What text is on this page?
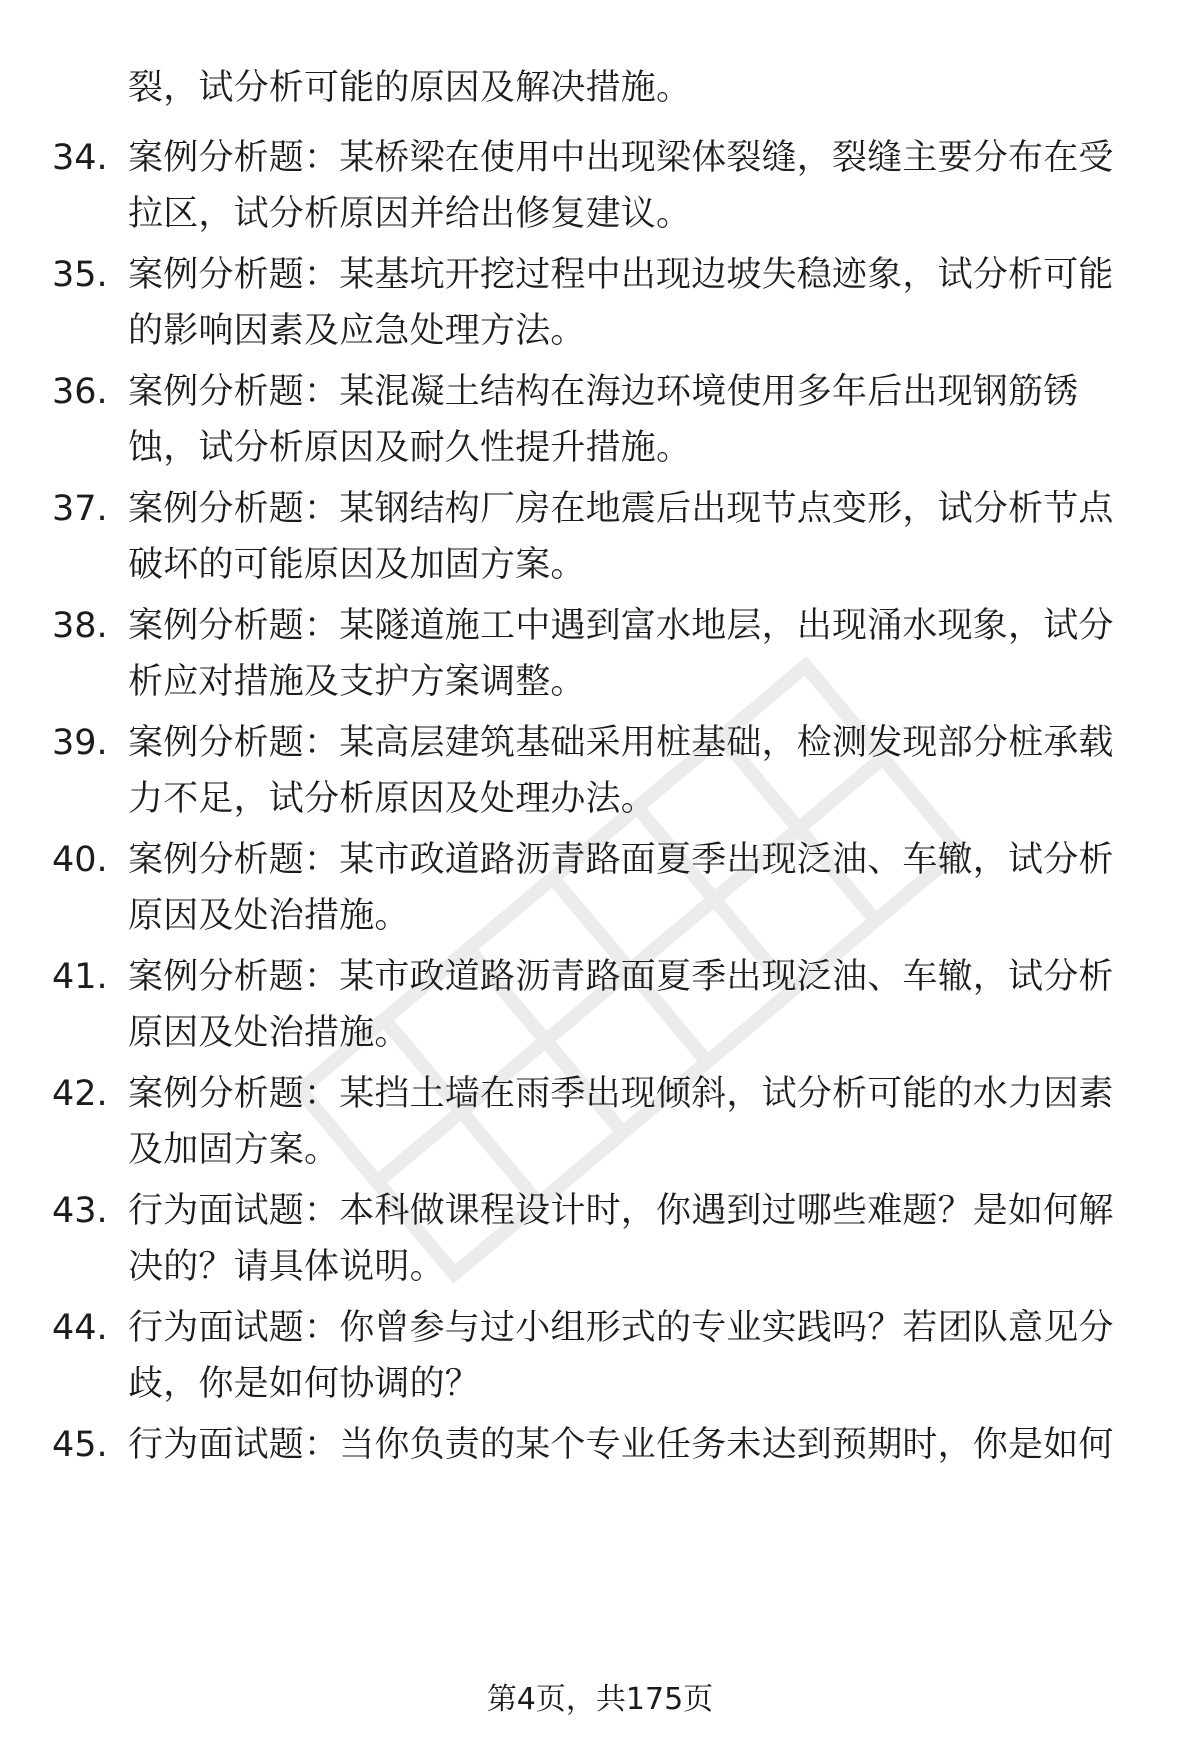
裂，试分析可能的原因及解决措施。
34. 案例分析题：某桥梁在使用中出现梁体裂缝，裂缝主要分布在受
拉区，试分析原因并给出修复建议。
35. 案例分析题：某基坑开挖过程中出现边坡失稳迹象，试分析可能
的影响因素及应急处理方法。
36. 案例分析题：某混凝土结构在海边环境使用多年后出现钢筋锈
蚀，试分析原因及耐久性提升措施。
37. 案例分析题：某钢结构厂房在地震后出现节点变形，试分析节点
破坏的可能原因及加固方案。
38. 案例分析题：某隧道施工中遇到富水地层，出现涌水现象，试分
析应对措施及支护方案调整。
39. 案例分析题：某高层建筑基础采用桩基础，检测发现部分桩承载
力不足，试分析原因及处理办法。
40. 案例分析题：某市政道路沥青路面夏季出现泛油、车辙，试分析
原因及处治措施。
41. 案例分析题：某市政道路沥青路面夏季出现泛油、车辙，试分析
原因及处治措施。
42. 案例分析题：某挡土墙在雨季出现倾斜，试分析可能的水力因素
及加固方案。
43. 行为面试题：本科做课程设计时，你遇到过哪些难题？是如何解
决的？请具体说明。
44. 行为面试题：你曾参与过小组形式的专业实践吗？若团队意见分
歧，你是如何协调的？
45. 行为面试题：当你负责的某个专业任务未达到预期时，你是如何
第4页，共175页
